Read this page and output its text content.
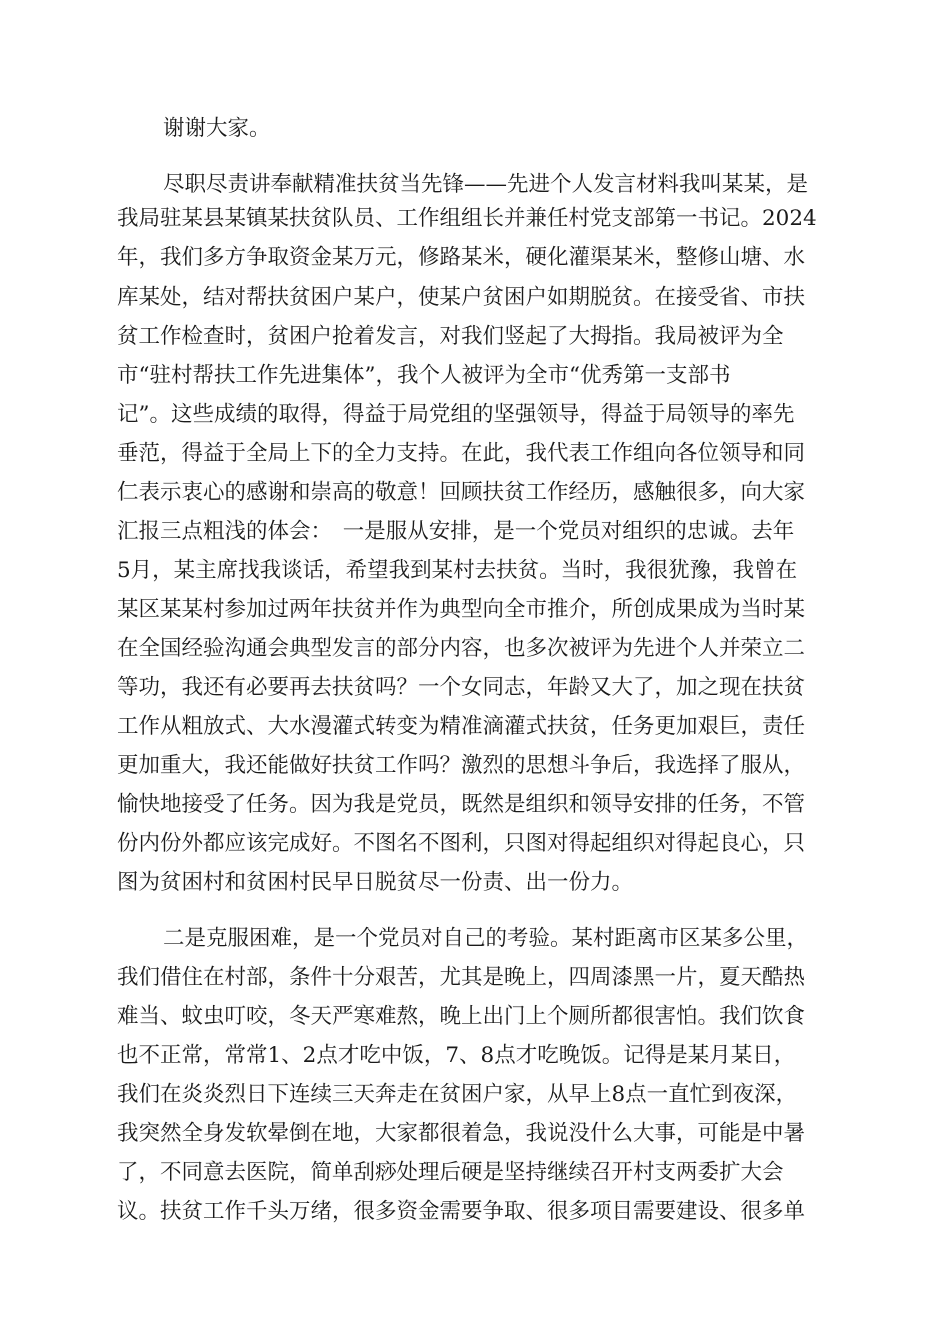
谢谢大家。

尽职尽责讲奉献精准扶贫当先锋——先进个人发言材料我叫某某，是

我局驻某县某镇某扶贫队员、工作组组长并兼任村党支部第一书记。2024

年，我们多方争取资金某万元，修路某米，硬化灌渠某米，整修山塘、水

库某处，结对帮扶贫困户某户，使某户贫困户如期脱贫。在接受省、市扶

贫工作检查时，贫困户抢着发言，对我们竖起了大拇指。我局被评为全

市“驻村帮扶工作先进集体”，我个人被评为全市“优秀第一支部书

记”。这些成绩的取得，得益于局党组的坚强领导，得益于局领导的率先

垂范，得益于全局上下的全力支持。在此，我代表工作组向各位领导和同

仁表示衷心的感谢和崇高的敬意！回顾扶贫工作经历，感触很多，向大家

汇报三点粗浅的体会：　一是服从安排，是一个党员对组织的忠诚。去年

5月，某主席找我谈话，希望我到某村去扶贫。当时，我很犹豫，我曾在

某区某某村参加过两年扶贫并作为典型向全市推介，所创成果成为当时某

在全国经验沟通会典型发言的部分内容，也多次被评为先进个人并荣立二

等功，我还有必要再去扶贫吗？一个女同志，年龄又大了，加之现在扶贫

工作从粗放式、大水漫灌式转变为精准滴灌式扶贫，任务更加艰巨，责任

更加重大，我还能做好扶贫工作吗？激烈的思想斗争后，我选择了服从，

愉快地接受了任务。因为我是党员，既然是组织和领导安排的任务，不管

份内份外都应该完成好。不图名不图利，只图对得起组织对得起良心，只

图为贫困村和贫困村民早日脱贫尽一份责、出一份力。

二是克服困难，是一个党员对自己的考验。某村距离市区某多公里，

我们借住在村部，条件十分艰苦，尤其是晚上，四周漆黑一片，夏天酷热

难当、蚊虫叮咬，冬天严寒难熬，晚上出门上个厕所都很害怕。我们饮食

也不正常，常常1、2点才吃中饭，7、8点才吃晚饭。记得是某月某日，

我们在炎炎烈日下连续三天奔走在贫困户家，从早上8点一直忙到夜深，

我突然全身发软晕倒在地，大家都很着急，我说没什么大事，可能是中暑

了，不同意去医院，简单刮痧处理后硬是坚持继续召开村支两委扩大会

议。扶贫工作千头万绪，很多资金需要争取、很多项目需要建设、很多单
